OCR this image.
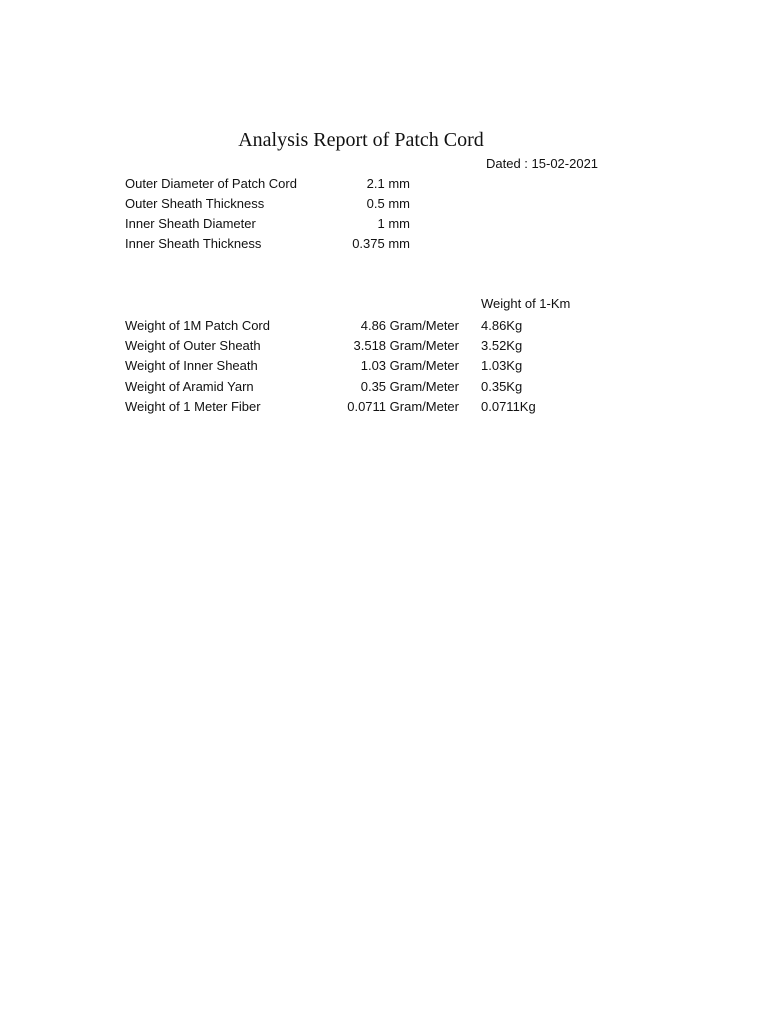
Analysis Report of Patch Cord
Dated : 15-02-2021
Outer Diameter of Patch Cord	2.1 mm
Outer Sheath Thickness	0.5 mm
Inner Sheath Diameter	1 mm
Inner Sheath Thickness	0.375 mm
Weight of 1-Km
Weight of 1M Patch Cord	4.86 Gram/Meter 4.86Kg
Weight of Outer Sheath	3.518 Gram/Meter 3.52Kg
Weight of Inner Sheath	1.03 Gram/Meter 1.03Kg
Weight of Aramid Yarn	0.35 Gram/Meter 0.35Kg
Weight of 1 Meter Fiber	0.0711 Gram/Meter 0.0711Kg
